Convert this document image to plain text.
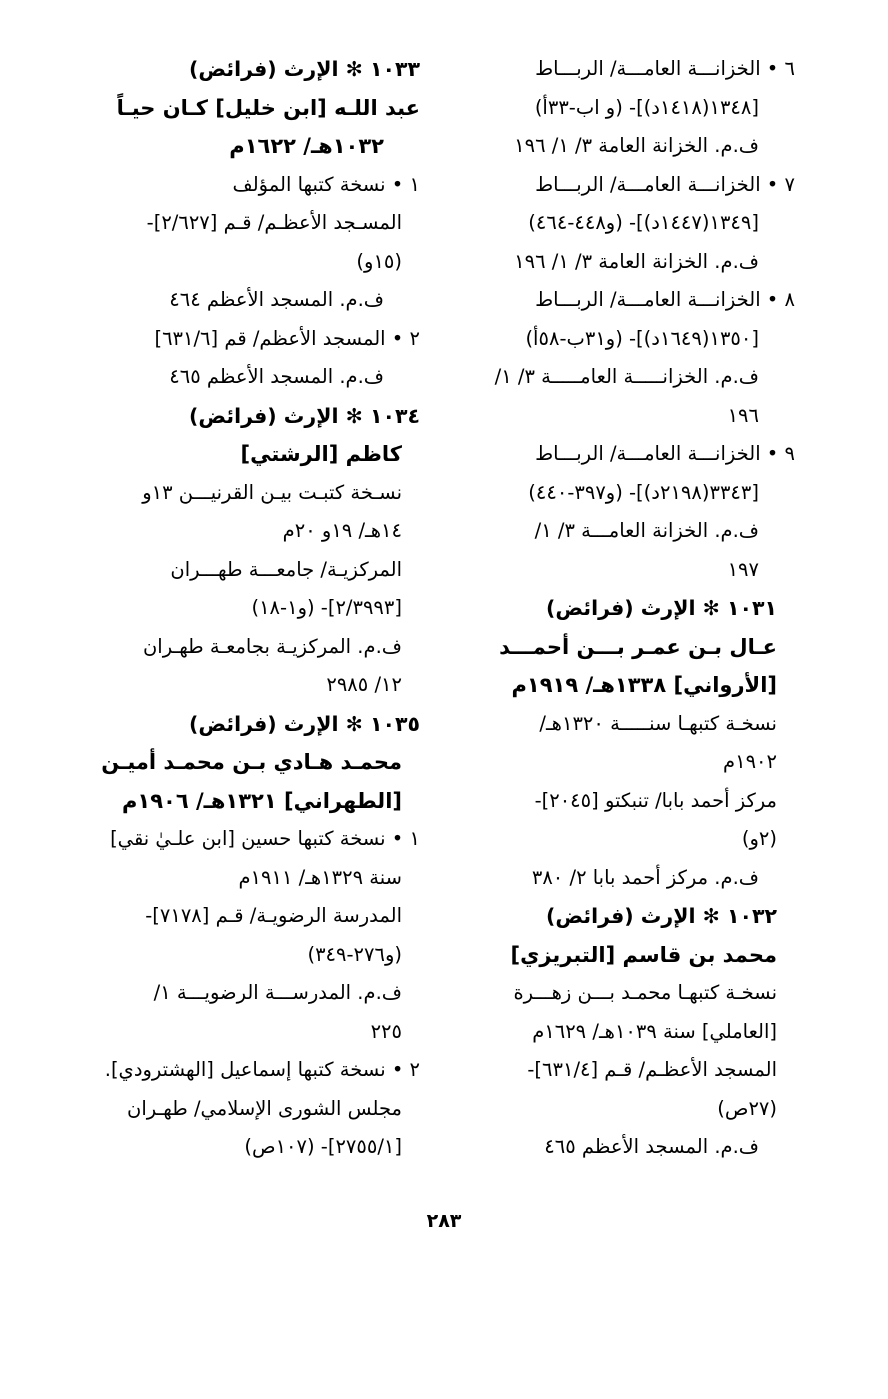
٦ • الخزانـــة العامـــة/ الربـــاط
[١٣٤٨(١٤١٨د)]- (و ا‌ب-٣٣أ)
ف.م. الخزانة العامة ٣/ ١/ ١٩٦
٧ • الخزانـــة العامـــة/ الربـــاط
[١٣٤٩(١٤٤٧د)]- (و٤٤٨-٤٦٤)
ف.م. الخزانة العامة ٣/ ١/ ١٩٦
٨ • الخزانـــة العامـــة/ الربـــاط
[١٣٥٠(١٦٤٩د)]- (و٣١ب-٥٨أ)
ف.م. الخزانـــــة العامـــــة ٣/ ١/
١٩٦
٩ • الخزانـــة العامـــة/ الربـــاط
[٣٣٤٣(٢١٩٨د)]- (و٣٩٧-٤٤٠)
ف.م. الخزانة العامـــة ٣/ ١/
١٩٧
١٠٣١ ✻ الإرث (فرائض)
عـال بـن عمـر بـــن أحمـــد
[الأرواني] ١٣٣٨هـ/ ١٩١٩م
نسخـة كتبهـا سنـــــة ١٣٢٠هـ/
١٩٠٢م
مركز أحمد بابا/ تنبكتو [٢٠٤٥]-
(٢و)
ف.م. مركز أحمد بابا ٢/ ٣٨٠
١٠٣٢ ✻ الإرث (فرائض)
محمد بن قاسم [التبريزي]
نسخـة كتبهـا محمـد بـــن زهـــرة
[العاملي] سنة ١٠٣٩هـ/ ١٦٢٩م
المسجد الأعظـم/ قـم [٦٣١/٤]-
(٢٧ص)
ف.م. المسجد الأعظم ٤٦٥
١٠٣٣ ✻ الإرث (فرائض)
عبد اللـه [ابن خليل] كـان حيـاً
١٠٣٢هـ/ ١٦٢٢م
١ • نسخة كتبها المؤلف
المسـجد الأعظـم/ قـم [٢/٦٢٧]-
(١٥و)
ف.م. المسجد الأعظم ٤٦٤
٢ • المسجد الأعظم/ قم [٦٣١/٦]
ف.م. المسجد الأعظم ٤٦٥
١٠٣٤ ✻ الإرث (فرائض)
كاظم [الرشتي]
نسـخة كتبـت بيـن القرنيـــن ١٣و
١٤هـ/ ١٩و ٢٠م
المركزيـة/ جامعـــة طهـــران
[٢/٣٩٩٣]- (و١-١٨)
ف.م. المركزيـة بجامعـة طهـران
١٢/ ٢٩٨٥
١٠٣٥ ✻ الإرث (فرائض)
محمـد هـادي بـن محمـد أميـن
[الطهراني] ١٣٢١هـ/ ١٩٠٦م
١ • نسخة كتبها حسين [ابن علـيٰ نقي]
سنة ١٣٢٩هـ/ ١٩١١م
المدرسة الرضويـة/ قـم [٧١٧٨]-
(و٢٧٦-٣٤٩)
ف.م. المدرســـة الرضويـــة ١/
٢٢٥
٢ • نسخة كتبها إسماعيل [الهشترودي].
مجلس الشورى الإسلامي/ طهـران
[٢٧٥٥/١]- (١٠٧ص)
٢٨٣
